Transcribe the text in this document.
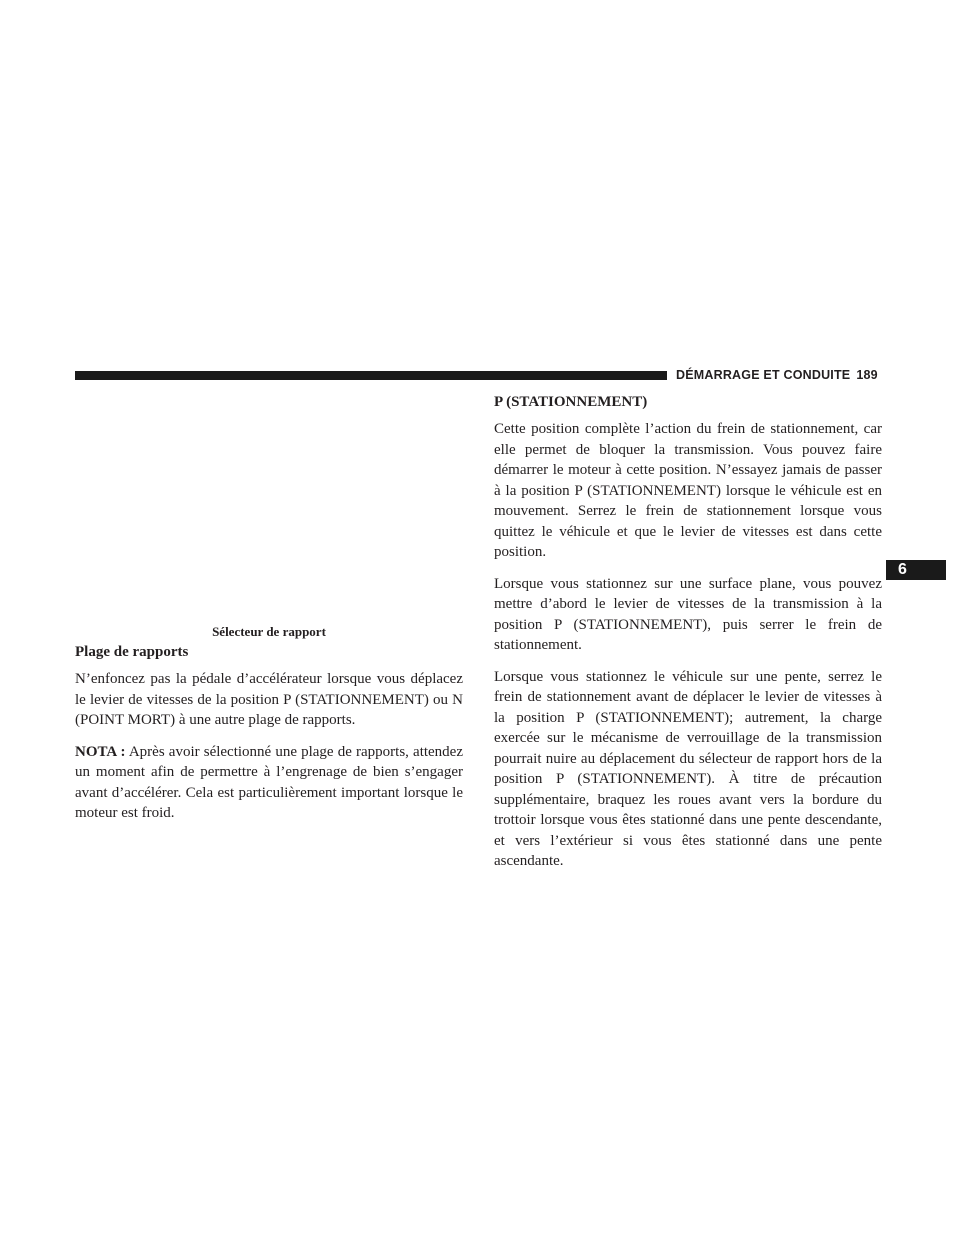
DÉMARRAGE ET CONDUITE 189
6
Sélecteur de rapport
Plage de rapports

N’enfoncez pas la pédale d’accélérateur lorsque vous déplacez le levier de vitesses de la position P (STATIONNEMENT) ou N (POINT MORT) à une autre plage de rapports.

NOTA : Après avoir sélectionné une plage de rapports, attendez un moment afin de permettre à l’engrenage de bien s’engager avant d’accélérer. Cela est particulièrement important lorsque le moteur est froid.

P (STATIONNEMENT)

Cette position complète l’action du frein de stationnement, car elle permet de bloquer la transmission. Vous pouvez faire démarrer le moteur à cette position. N’essayez jamais de passer à la position P (STATIONNEMENT) lorsque le véhicule est en mouvement. Serrez le frein de stationnement lorsque vous quittez le véhicule et que le levier de vitesses est dans cette position.

Lorsque vous stationnez sur une surface plane, vous pouvez mettre d’abord le levier de vitesses de la transmission à la position P (STATIONNEMENT), puis serrer le frein de stationnement.

Lorsque vous stationnez le véhicule sur une pente, serrez le frein de stationnement avant de déplacer le levier de vitesses à la position P (STATIONNEMENT); autrement, la charge exercée sur le mécanisme de verrouillage de la transmission pourrait nuire au déplacement du sélecteur de rapport hors de la position P (STATIONNEMENT). À titre de précaution supplémentaire, braquez les roues avant vers la bordure du trottoir lorsque vous êtes stationné dans une pente descendante, et vers l’extérieur si vous êtes stationné dans une pente ascendante.
